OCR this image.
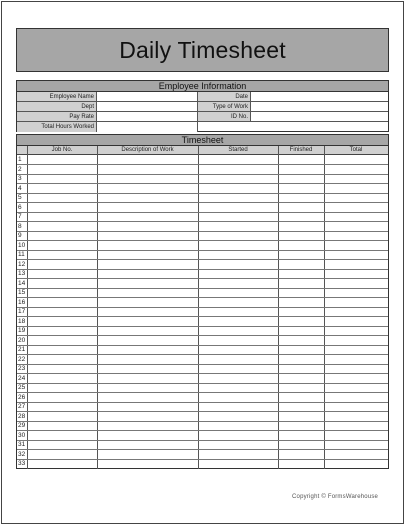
Daily Timesheet
Employee Information
Employee Name	Date
Dept	Type of Work
Pay Rate	ID No.
Total Hours Worked
Timesheet
Job No.	Description of Work	Started	Finished	Total
1
2
3
4
5
6
7
8
9
10
11
12
13
14
15
16
17
18
19
20
21
22
23
24
25
26
27
28
29
30
31
32
33
Copyright © FormsWarehouse
